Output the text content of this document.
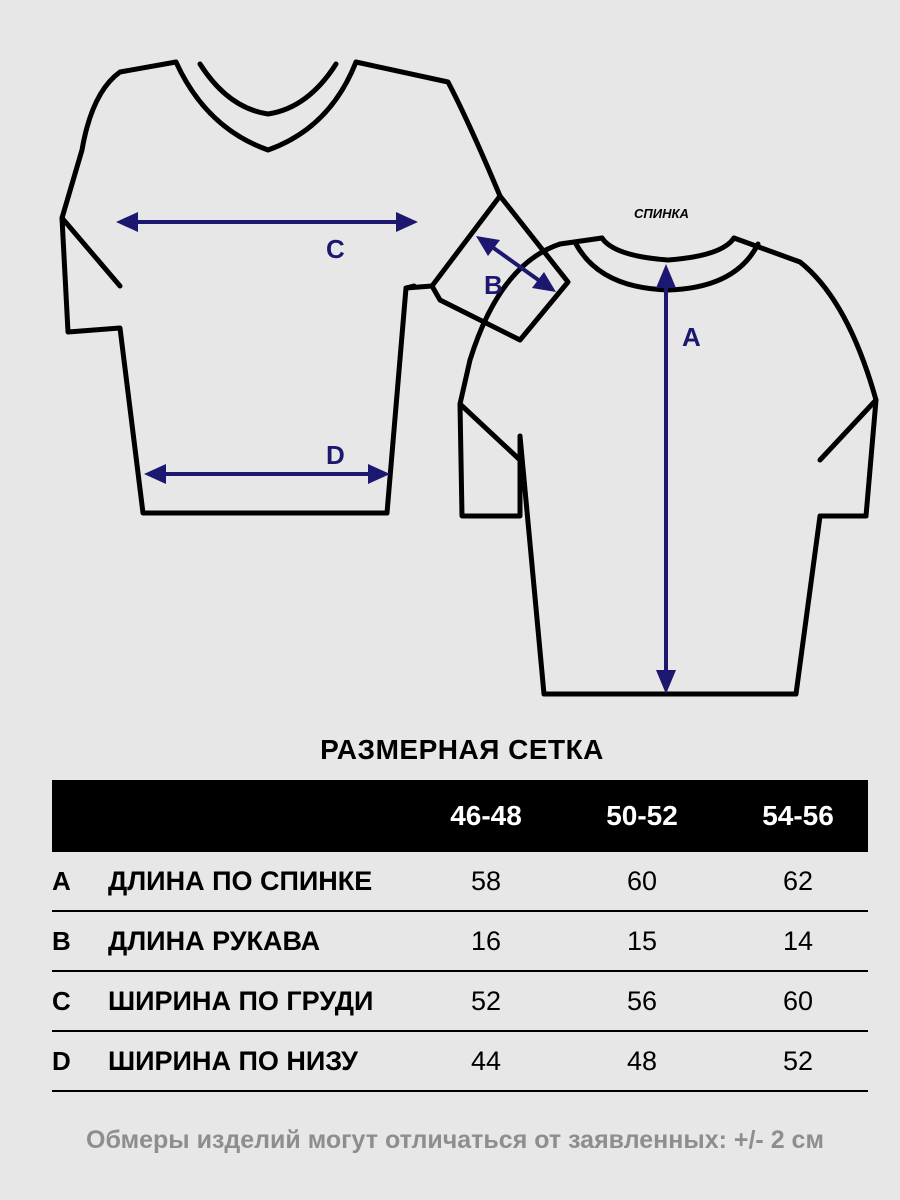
СПИНКА
C
D
B
A
РАЗМЕРНАЯ СЕТКА
46-48	50-52	54-56
A ДЛИНА ПО СПИНКЕ	58	60	62
B ДЛИНА РУКАВА	16	15	14
C ШИРИНА ПО ГРУДИ	52	56	60
D ШИРИНА ПО НИЗУ	44	48	52
Обмеры изделий могут отличаться от заявленных: +/- 2 см
